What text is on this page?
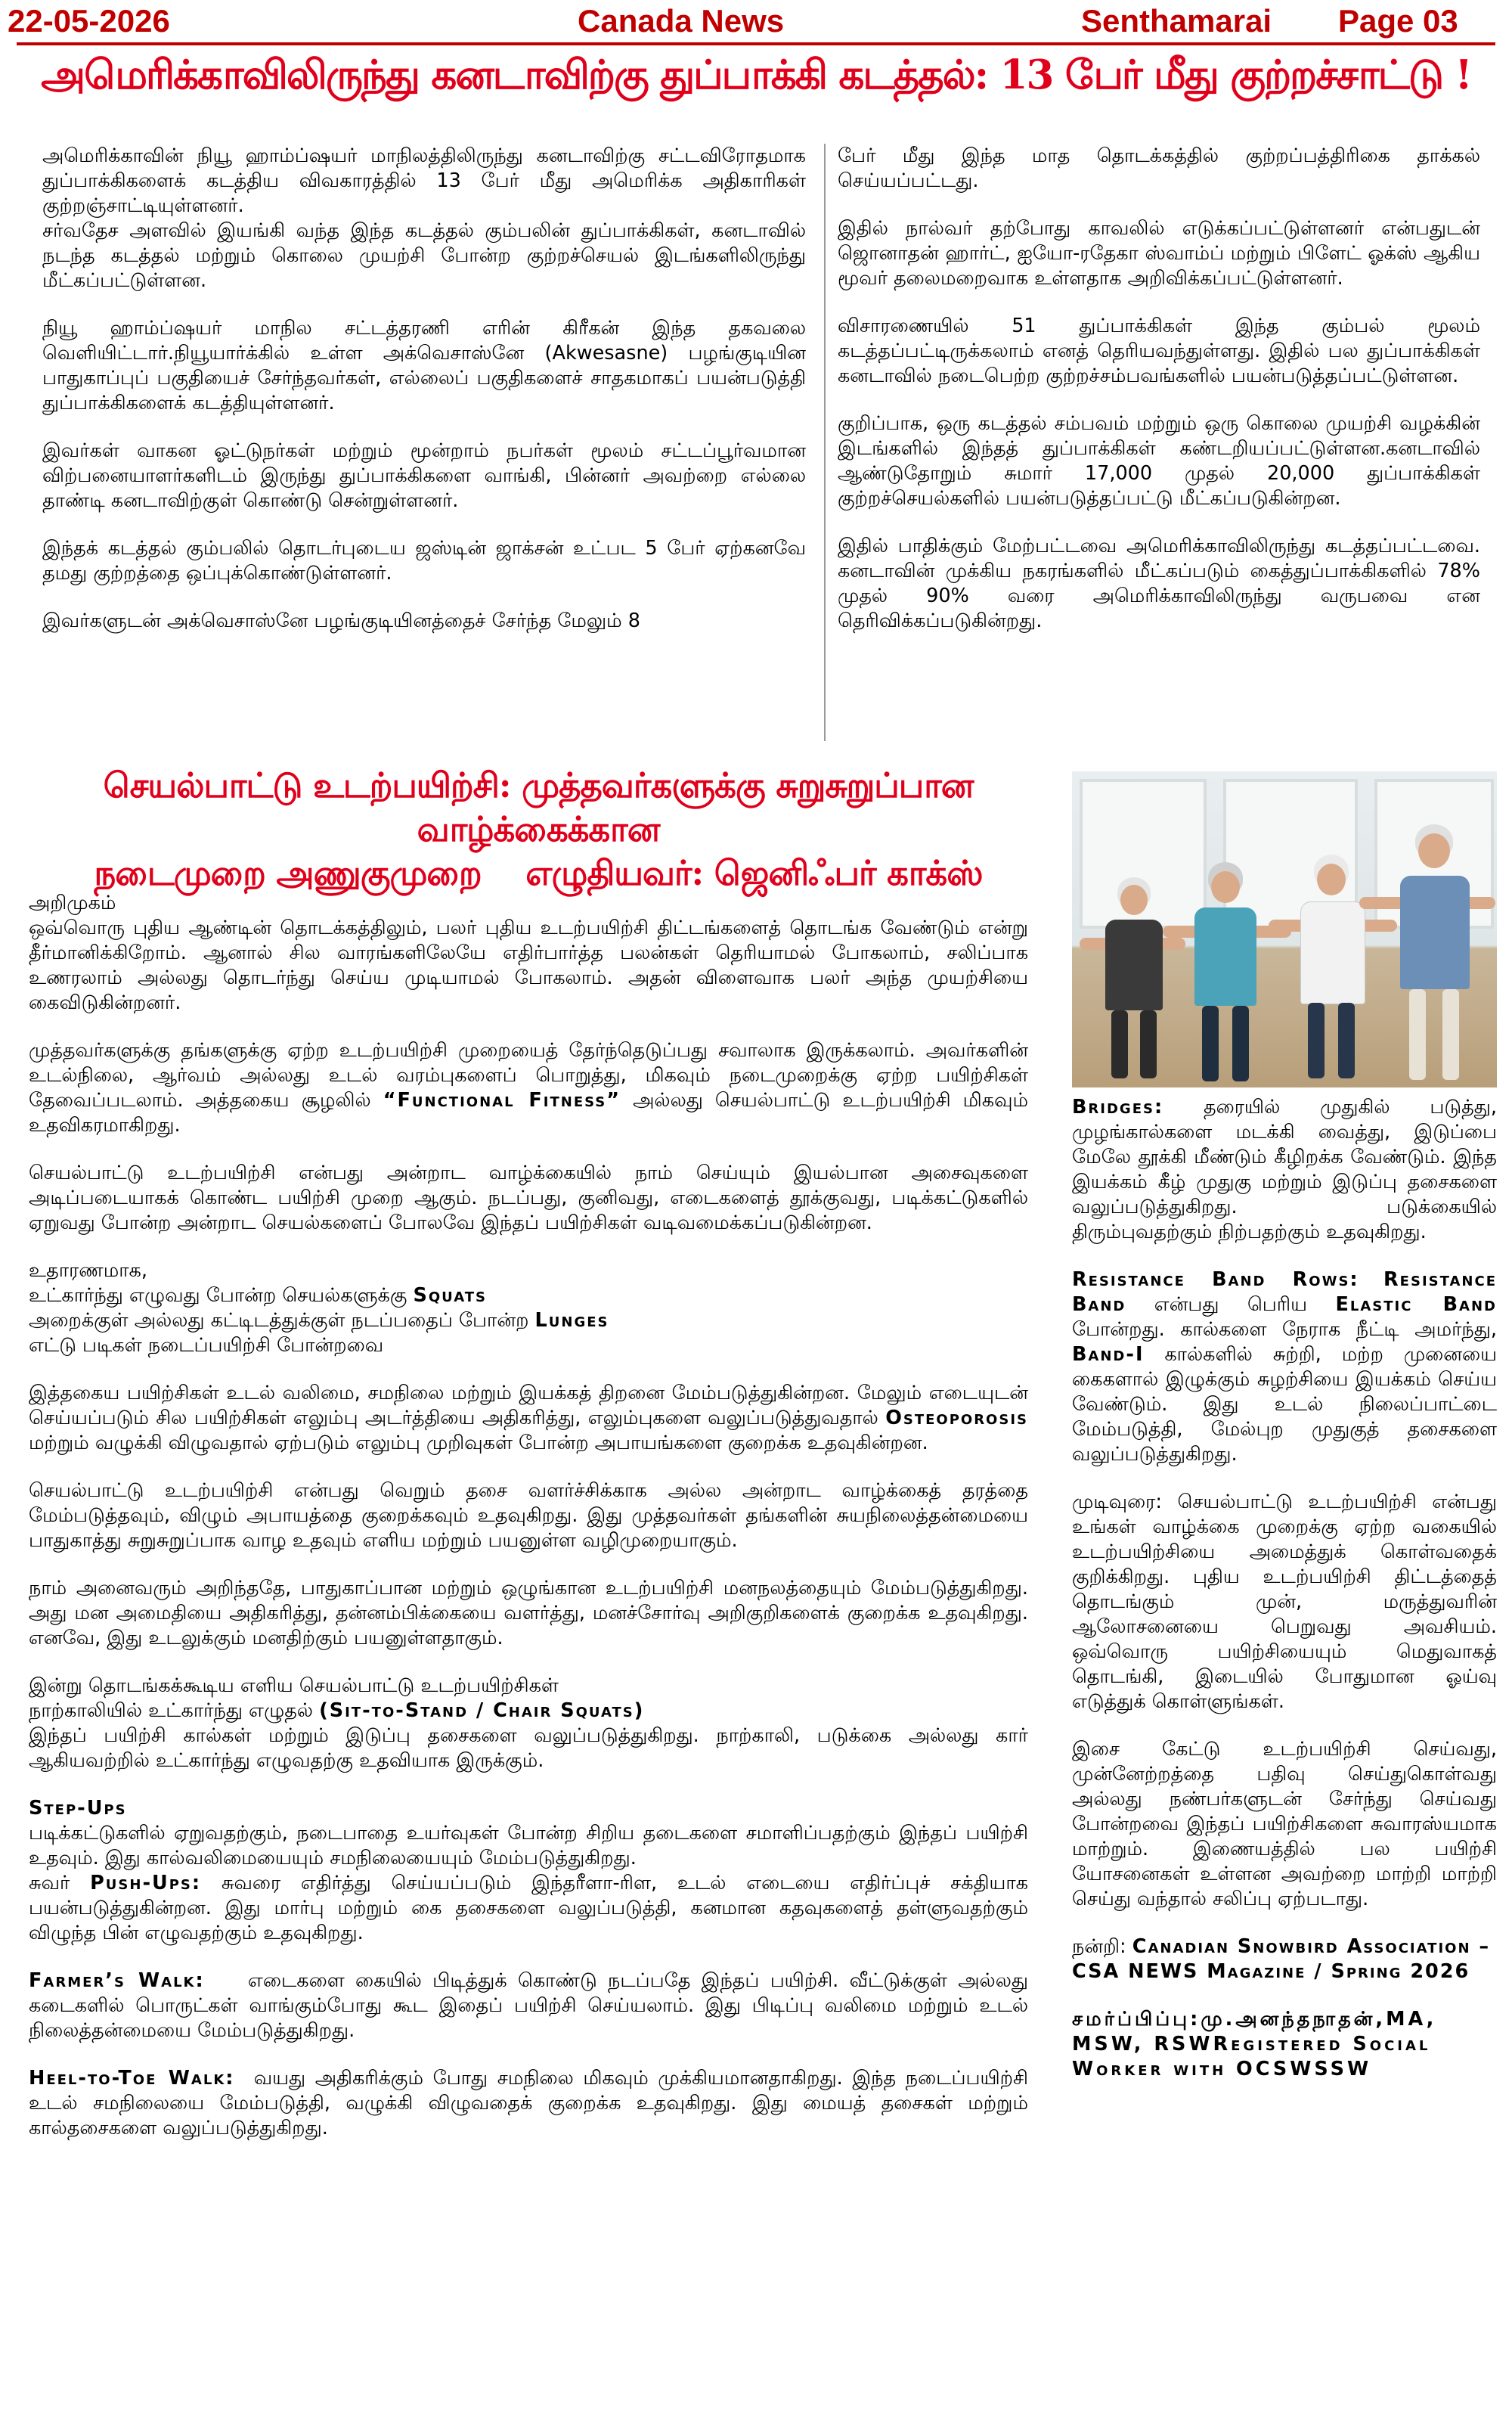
22-05-2026	Canada News	Senthamarai Page 03
அமெரிக்காவிலிருந்து கனடாவிற்கு துப்பாக்கி கடத்தல்: 13 பேர் மீது குற்றச்சாட்டு !

அமெரிக்காவின் நியூ ஹாம்ப்ஷயர் மாநிலத்திலிருந்து கனடாவிற்கு சட்டவிரோதமாக துப்பாக்கிகளைக் கடத்திய விவகாரத்தில் 13 பேர் மீது அமெரிக்க அதிகாரிகள் குற்றஞ்சாட்டியுள்ளனர்.

சர்வதேச அளவில் இயங்கி வந்த இந்த கடத்தல் கும்பலின் துப்பாக்கிகள், கனடாவில் நடந்த கடத்தல் மற்றும் கொலை முயற்சி போன்ற குற்றச்செயல் இடங்களிலிருந்து மீட்கப்பட்டுள்ளன.

நியூ ஹாம்ப்ஷயர் மாநில சட்டத்தரணி எரின் கிரீகன் இந்த தகவலை வெளியிட்டார்.நியூயார்க்கில் உள்ள அக்வெசாஸ்னே (Akwesasne) பழங்குடியின பாதுகாப்புப் பகுதியைச் சேர்ந்தவர்கள், எல்லைப் பகுதிகளைச் சாதகமாகப் பயன்படுத்தி துப்பாக்கிகளைக் கடத்தியுள்ளனர்.

இவர்கள் வாகன ஓட்டுநர்கள் மற்றும் மூன்றாம் நபர்கள் மூலம் சட்டப்பூர்வமான விற்பனையாளர்களிடம் இருந்து துப்பாக்கிகளை வாங்கி, பின்னர் அவற்றை எல்லை தாண்டி கனடாவிற்குள் கொண்டு சென்றுள்ளனர்.

இந்தக் கடத்தல் கும்பலில் தொடர்புடைய ஜஸ்டின் ஜாக்சன் உட்பட 5 பேர் ஏற்கனவே தமது குற்றத்தை ஒப்புக்கொண்டுள்ளனர்.

இவர்களுடன் அக்வெசாஸ்னே பழங்குடியினத்தைச் சேர்ந்த மேலும் 8

பேர் மீது இந்த மாத தொடக்கத்தில் குற்றப்பத்திரிகை தாக்கல் செய்யப்பட்டது.

இதில் நால்வர் தற்போது காவலில் எடுக்கப்பட்டுள்ளனர் என்பதுடன் ஜொனாதன் ஹார்ட், ஐயோ-ரதேகா ஸ்வாம்ப் மற்றும் பிளேட் ஓக்ஸ் ஆகிய மூவர் தலைமறைவாக உள்ளதாக அறிவிக்கப்பட்டுள்ளனர்.

விசாரணையில் 51 துப்பாக்கிகள் இந்த கும்பல் மூலம் கடத்தப்பட்டிருக்கலாம் எனத் தெரியவந்துள்ளது. இதில் பல துப்பாக்கிகள் கனடாவில் நடைபெற்ற குற்றச்சம்பவங்களில் பயன்படுத்தப்பட்டுள்ளன.

குறிப்பாக, ஒரு கடத்தல் சம்பவம் மற்றும் ஒரு கொலை முயற்சி வழக்கின் இடங்களில் இந்தத் துப்பாக்கிகள் கண்டறியப்பட்டுள்ளன.கனடாவில் ஆண்டுதோறும் சுமார் 17,000 முதல் 20,000 துப்பாக்கிகள் குற்றச்செயல்களில் பயன்படுத்தப்பட்டு மீட்கப்படுகின்றன.

இதில் பாதிக்கும் மேற்பட்டவை அமெரிக்காவிலிருந்து கடத்தப்பட்டவை. கனடாவின் முக்கிய நகரங்களில் மீட்கப்படும் கைத்துப்பாக்கிகளில் 78% முதல் 90% வரை அமெரிக்காவிலிருந்து வருபவை என தெரிவிக்கப்படுகின்றது.

செயல்பாட்டு உடற்பயிற்சி: முத்தவர்களுக்கு சுறுசுறுப்பான வாழ்க்கைக்கான
நடைமுறை அணுகுமுறை    எழுதியவர்: ஜெனிஃபர் காக்ஸ்

அறிமுகம்

ஒவ்வொரு புதிய ஆண்டின் தொடக்கத்திலும், பலர் புதிய உடற்பயிற்சி திட்டங்களைத் தொடங்க வேண்டும் என்று தீர்மானிக்கிறோம். ஆனால் சில வாரங்களிலேயே எதிர்பார்த்த பலன்கள் தெரியாமல் போகலாம், சலிப்பாக உணரலாம் அல்லது தொடர்ந்து செய்ய முடியாமல் போகலாம். அதன் விளைவாக பலர் அந்த முயற்சியை கைவிடுகின்றனர்.

முத்தவர்களுக்கு தங்களுக்கு ஏற்ற உடற்பயிற்சி முறையைத் தேர்ந்தெடுப்பது சவாலாக இருக்கலாம். அவர்களின் உடல்நிலை, ஆர்வம் அல்லது உடல் வரம்புகளைப் பொறுத்து, மிகவும் நடைமுறைக்கு ஏற்ற பயிற்சிகள் தேவைப்படலாம். அத்தகைய சூழலில் “Functional Fitness” அல்லது செயல்பாட்டு உடற்பயிற்சி மிகவும் உதவிகரமாகிறது.

செயல்பாட்டு உடற்பயிற்சி என்பது அன்றாட வாழ்க்கையில் நாம் செய்யும் இயல்பான அசைவுகளை அடிப்படையாகக் கொண்ட பயிற்சி முறை ஆகும். நடப்பது, குனிவது, எடைகளைத் தூக்குவது, படிக்கட்டுகளில் ஏறுவது போன்ற அன்றாட செயல்களைப் போலவே இந்தப் பயிற்சிகள் வடிவமைக்கப்படுகின்றன.

உதாரணமாக,

உட்கார்ந்து எழுவது போன்ற செயல்களுக்கு Squats

அறைக்குள் அல்லது கட்டிடத்துக்குள் நடப்பதைப் போன்ற Lunges

எட்டு படிகள் நடைப்பயிற்சி போன்றவை

இத்தகைய பயிற்சிகள் உடல் வலிமை, சமநிலை மற்றும் இயக்கத் திறனை மேம்படுத்துகின்றன. மேலும் எடையுடன் செய்யப்படும் சில பயிற்சிகள் எலும்பு அடர்த்தியை அதிகரித்து, எலும்புகளை வலுப்படுத்துவதால் Osteoporosis மற்றும் வழுக்கி விழுவதால் ஏற்படும் எலும்பு முறிவுகள் போன்ற அபாயங்களை குறைக்க உதவுகின்றன.

செயல்பாட்டு உடற்பயிற்சி என்பது வெறும் தசை வளர்ச்சிக்காக அல்ல அன்றாட வாழ்க்கைத் தரத்தை மேம்படுத்தவும், விழும் அபாயத்தை குறைக்கவும் உதவுகிறது. இது முத்தவர்கள் தங்களின் சுயநிலைத்தன்மையை பாதுகாத்து சுறுசுறுப்பாக வாழ உதவும் எளிய மற்றும் பயனுள்ள வழிமுறையாகும்.

நாம் அனைவரும் அறிந்ததே, பாதுகாப்பான மற்றும் ஒழுங்கான உடற்பயிற்சி மனநலத்தையும் மேம்படுத்துகிறது. அது மன அமைதியை அதிகரித்து, தன்னம்பிக்கையை வளர்த்து, மனச்சோர்வு அறிகுறிகளைக் குறைக்க உதவுகிறது. எனவே, இது உடலுக்கும் மனதிற்கும் பயனுள்ளதாகும்.

இன்று தொடங்கக்கூடிய எளிய செயல்பாட்டு உடற்பயிற்சிகள்

நாற்காலியில் உட்கார்ந்து எழுதல் (Sit-to-Stand / Chair Squats)

இந்தப் பயிற்சி கால்கள் மற்றும் இடுப்பு தசைகளை வலுப்படுத்துகிறது. நாற்காலி, படுக்கை அல்லது கார் ஆகியவற்றில் உட்கார்ந்து எழுவதற்கு உதவியாக இருக்கும்.

Step-Ups

படிக்கட்டுகளில் ஏறுவதற்கும், நடைபாதை உயர்வுகள் போன்ற சிறிய தடைகளை சமாளிப்பதற்கும் இந்தப் பயிற்சி உதவும். இது கால்வலிமையையும் சமநிலையையும் மேம்படுத்துகிறது.

சுவர் Push-Ups: சுவரை எதிர்த்து செய்யப்படும் இந்தரீளா-ரிள, உடல் எடையை எதிர்ப்புச் சக்தியாக பயன்படுத்துகின்றன. இது மார்பு மற்றும் கை தசைகளை வலுப்படுத்தி, கனமான கதவுகளைத் தள்ளுவதற்கும் விழுந்த பின் எழுவதற்கும் உதவுகிறது.

Farmer’s Walk:    எடைகளை கையில் பிடித்துக் கொண்டு நடப்பதே இந்தப் பயிற்சி. வீட்டுக்குள் அல்லது கடைகளில் பொருட்கள் வாங்கும்போது கூட இதைப் பயிற்சி செய்யலாம். இது பிடிப்பு வலிமை மற்றும் உடல் நிலைத்தன்மையை மேம்படுத்துகிறது.

Heel-to-Toe Walk:  வயது அதிகரிக்கும் போது சமநிலை மிகவும் முக்கியமானதாகிறது. இந்த நடைப்பயிற்சி உடல் சமநிலையை மேம்படுத்தி, வழுக்கி விழுவதைக் குறைக்க உதவுகிறது. இது மையத் தசைகள் மற்றும் கால்தசைகளை வலுப்படுத்துகிறது.

Bridges: தரையில் முதுகில் படுத்து, முழங்கால்களை மடக்கி வைத்து, இடுப்பை மேலே தூக்கி மீண்டும் கீழிறக்க வேண்டும். இந்த இயக்கம் கீழ் முதுகு மற்றும் இடுப்பு தசைகளை வலுப்படுத்துகிறது. படுக்கையில் திரும்புவதற்கும் நிற்பதற்கும் உதவுகிறது.

Resistance Band Rows: Resistance Band என்பது பெரிய Elastic Band போன்றது. கால்களை நேராக நீட்டி அமர்ந்து, Band-I கால்களில் சுற்றி, மற்ற முனையை கைகளால் இழுக்கும் சுழற்சியை இயக்கம் செய்ய வேண்டும். இது உடல் நிலைப்பாட்டை மேம்படுத்தி, மேல்புற முதுகுத் தசைகளை வலுப்படுத்துகிறது.

முடிவுரை: செயல்பாட்டு உடற்பயிற்சி என்பது உங்கள் வாழ்க்கை முறைக்கு ஏற்ற வகையில் உடற்பயிற்சியை அமைத்துக் கொள்வதைக் குறிக்கிறது. புதிய உடற்பயிற்சி திட்டத்தைத் தொடங்கும் முன், மருத்துவரின் ஆலோசனையை பெறுவது அவசியம். ஒவ்வொரு பயிற்சியையும் மெதுவாகத் தொடங்கி, இடையில் போதுமான ஓய்வு எடுத்துக் கொள்ளுங்கள்.

இசை கேட்டு உடற்பயிற்சி செய்வது, முன்னேற்றத்தை பதிவு செய்துகொள்வது அல்லது நண்பர்களுடன் சேர்ந்து செய்வது போன்றவை இந்தப் பயிற்சிகளை சுவாரஸ்யமாக மாற்றும். இணையத்தில் பல பயிற்சி யோசனைகள் உள்ளன அவற்றை மாற்றி மாற்றி செய்து வந்தால் சலிப்பு ஏற்படாது.

நன்றி: Canadian Snowbird Association – CSA NEWS Magazine / Spring 2026

சமர்ப்பிப்பு:மு.அனந்தநாதன்,MA, MSW, RSWRegistered Social Worker with OCSWSSW
